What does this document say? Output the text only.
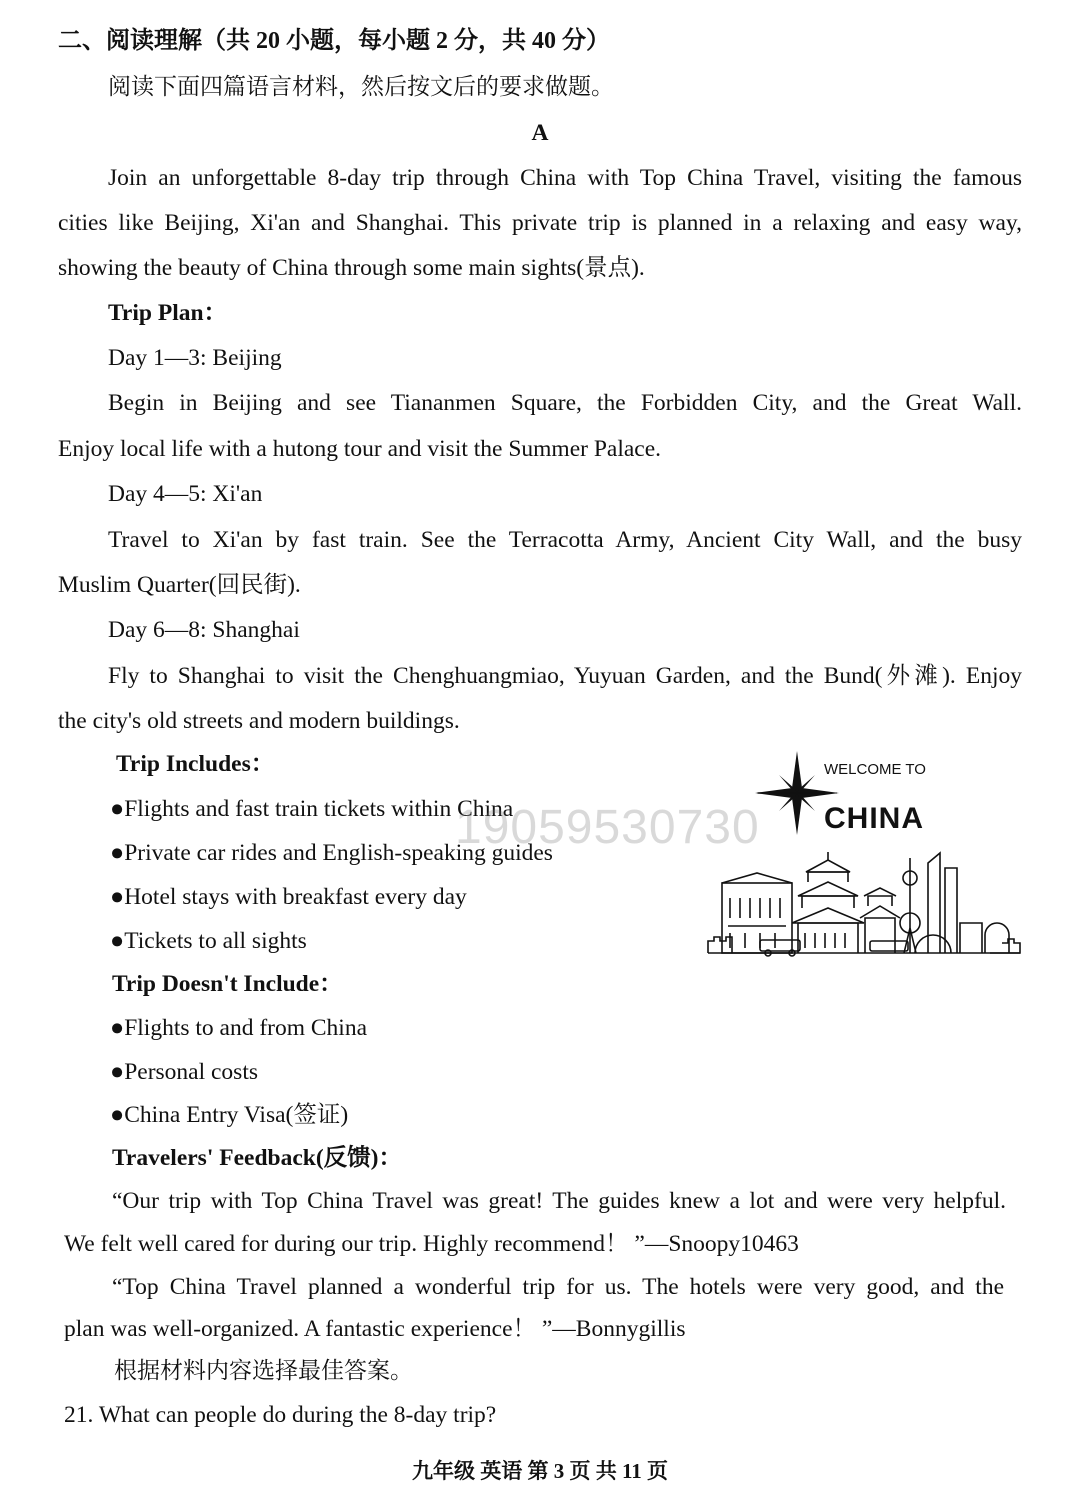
二、阅读理解（共 20 小题，每小题 2 分，共 40 分）
阅读下面四篇语言材料，然后按文后的要求做题。
A
Join an unforgettable 8-day trip through China with Top China Travel, visiting the famous
cities like Beijing, Xi'an and Shanghai. This private trip is planned in a relaxing and easy way,
showing the beauty of China through some main sights(景点).
Trip Plan：
Day 1—3: Beijing
Begin in Beijing and see Tiananmen Square, the Forbidden City, and the Great Wall.
Enjoy local life with a hutong tour and visit the Summer Palace.
Day 4—5: Xi'an
Travel to Xi'an by fast train. See the Terracotta Army, Ancient City Wall, and the busy
Muslim Quarter(回民街).
Day 6—8: Shanghai
Fly to Shanghai to visit the Chenghuangmiao, Yuyuan Garden, and the Bund(外滩). Enjoy
the city's old streets and modern buildings.
Trip Includes：
●Flights and fast train tickets within China
●Private car rides and English-speaking guides
●Hotel stays with breakfast every day
●Tickets to all sights
Trip Doesn't Include：
●Flights to and from China
●Personal costs
●China Entry Visa(签证)
Travelers' Feedback(反馈)：
“Our trip with Top China Travel was great! The guides knew a lot and were very helpful.
We felt well cared for during our trip. Highly recommend！ ”—Snoopy10463
“Top China Travel planned a wonderful trip for us. The hotels were very good, and the
plan was well-organized. A fantastic experience！ ”—Bonnygillis
根据材料内容选择最佳答案。
21. What can people do during the 8-day trip?
WELCOME TO
CHINA
19059530730
九年级 英语 第 3 页 共 11 页
